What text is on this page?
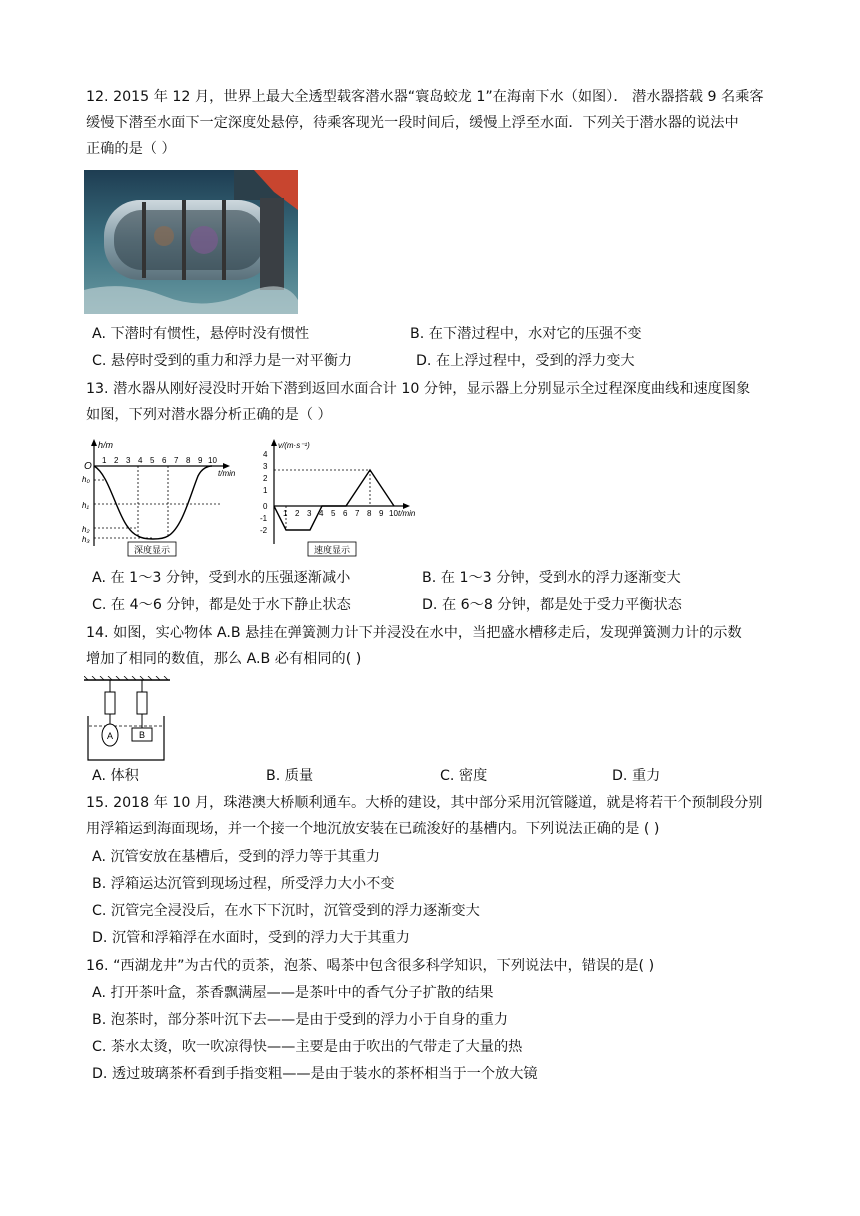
12. 2015 年 12 月，世界上最大全透型载客潜水器“寰岛蛟龙 1”在海南下水（如图）． 潜水器搭载 9 名乘客
缓慢下潜至水面下一定深度处悬停，待乘客现光一段时间后，缓慢上浮至水面．下列关于潜水器的说法中
正确的是（ ）
A. 下潜时有惯性，悬停时没有惯性	B. 在下潜过程中，水对它的压强不变
C. 悬停时受到的重力和浮力是一对平衡力	D. 在上浮过程中，受到的浮力变大
13. 潜水器从刚好浸没时开始下潜到返回水面合计 10 分钟，显示器上分别显示全过程深度曲线和速度图象
如图，下列对潜水器分析正确的是（ ）
h/m
O
t/min
1 2 3 4 5 6 7 8 9 10
h₀
h₁
h₂
h₃
深度显示
v/(m·s⁻¹)
t/min
4
3
2
1
0
-1
-2
1 2 3 4 5 6 7 8 9 10
速度显示
A. 在 1～3 分钟，受到水的压强逐渐减小	B. 在 1～3 分钟，受到水的浮力逐渐变大
C. 在 4～6 分钟，都是处于水下静止状态	D. 在 6～8 分钟，都是处于受力平衡状态
14. 如图，实心物体 A.B 悬挂在弹簧测力计下并浸没在水中，当把盛水槽移走后，发现弹簧测力计的示数
增加了相同的数值，那么 A.B 必有相同的( )
A	B
A. 体积	B. 质量	C. 密度	D. 重力
15. 2018 年 10 月，珠港澳大桥顺利通车。大桥的建设，其中部分采用沉管隧道，就是将若干个预制段分别
用浮箱运到海面现场，并一个接一个地沉放安装在已疏浚好的基槽内。下列说法正确的是 ( )
A. 沉管安放在基槽后，受到的浮力等于其重力
B. 浮箱运达沉管到现场过程，所受浮力大小不变
C. 沉管完全浸没后，在水下下沉时，沉管受到的浮力逐渐变大
D. 沉管和浮箱浮在水面时，受到的浮力大于其重力
16. “西湖龙井”为古代的贡茶，泡茶、喝茶中包含很多科学知识，下列说法中，错误的是( )
A. 打开茶叶盒，茶香飘满屋——是茶叶中的香气分子扩散的结果
B. 泡茶时，部分茶叶沉下去——是由于受到的浮力小于自身的重力
C. 茶水太烫，吹一吹凉得快——主要是由于吹出的气带走了大量的热
D. 透过玻璃茶杯看到手指变粗——是由于装水的茶杯相当于一个放大镜
